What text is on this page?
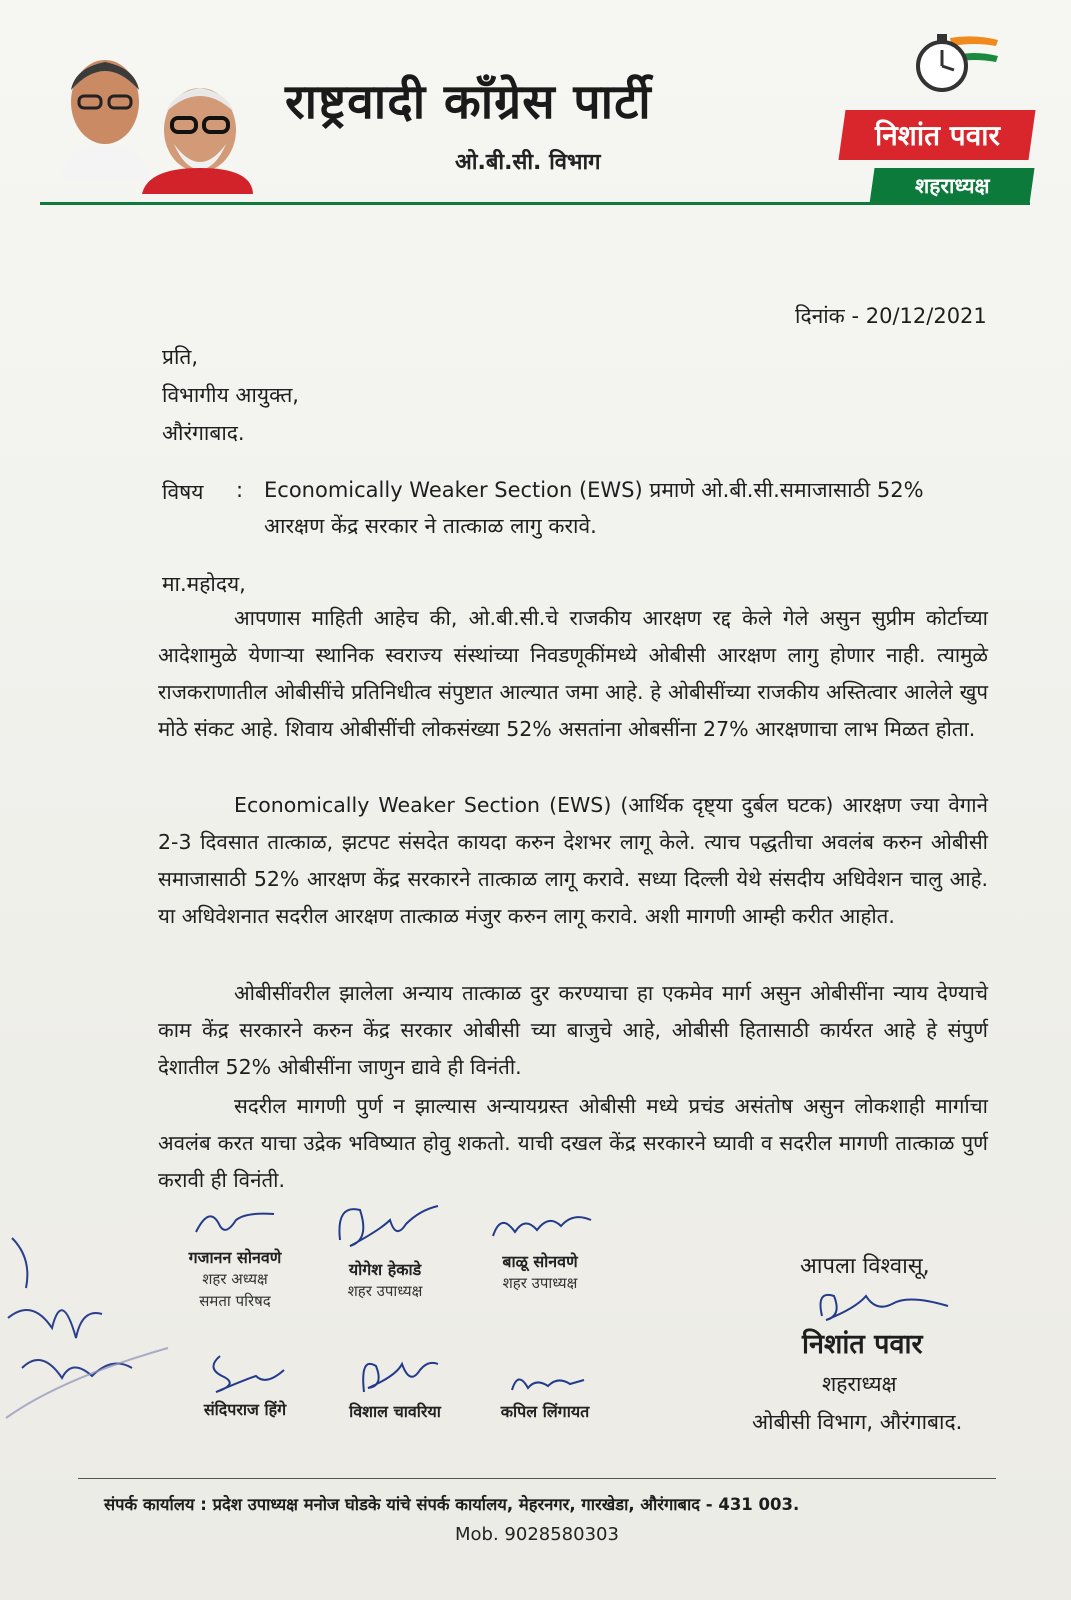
राष्ट्रवादी काँग्रेस पार्टी
ओ.बी.सी. विभाग
निशांत पवार
शहराध्यक्ष
दिनांक - 20/12/2021
प्रति,
विभागीय आयुक्त,
औरंगाबाद.
विषय : Economically Weaker Section (EWS) प्रमाणे ओ.बी.सी.समाजासाठी 52% आरक्षण केंद्र सरकार ने तात्काळ लागु करावे.
मा.महोदय,
आपणास माहिती आहेच की, ओ.बी.सी.चे राजकीय आरक्षण रद्द केले गेले असुन सुप्रीम कोर्टाच्या आदेशामुळे येणाऱ्या स्थानिक स्वराज्य संस्थांच्या निवडणूकींमध्ये ओबीसी आरक्षण लागु होणार नाही. त्यामुळे राजकराणातील ओबीसींचे प्रतिनिधीत्व संपुष्टात आल्यात जमा आहे. हे ओबीसींच्या राजकीय अस्तित्वार आलेले खुप मोठे संकट आहे. शिवाय ओबीसींची लोकसंख्या 52% असतांना ओबसींना 27% आरक्षणाचा लाभ मिळत होता.
Economically Weaker Section (EWS) (आर्थिक दृष्ट्या दुर्बल घटक) आरक्षण ज्या वेगाने 2-3 दिवसात तात्काळ, झटपट संसदेत कायदा करुन देशभर लागू केले. त्याच पद्धतीचा अवलंब करुन ओबीसी समाजासाठी 52% आरक्षण केंद्र सरकारने तात्काळ लागू करावे. सध्या दिल्ली येथे संसदीय अधिवेशन चालु आहे. या अधिवेशनात सदरील आरक्षण तात्काळ मंजुर करुन लागू करावे. अशी मागणी आम्ही करीत आहोत.
ओबीसींवरील झालेला अन्याय तात्काळ दुर करण्याचा हा एकमेव मार्ग असुन ओबीसींना न्याय देण्याचे काम केंद्र सरकारने करुन केंद्र सरकार ओबीसी च्या बाजुचे आहे, ओबीसी हितासाठी कार्यरत आहे हे संपुर्ण देशातील 52% ओबीसींना जाणुन द्यावे ही विनंती.
सदरील मागणी पुर्ण न झाल्यास अन्यायग्रस्त ओबीसी मध्ये प्रचंड असंतोष असुन लोकशाही मार्गाचा अवलंब करत याचा उद्रेक भविष्यात होवु शकतो. याची दखल केंद्र सरकारने घ्यावी व सदरील मागणी तात्काळ पुर्ण करावी ही विनंती.
गजानन सोनवणे
शहर अध्यक्ष
समता परिषद
योगेश हेकाडे
शहर उपाध्यक्ष
बाळू सोनवणे
शहर उपाध्यक्ष
संदिपराज हिंगे	विशाल चावरिया	कपिल लिंगायत
आपला विश्वासू,
निशांत पवार
शहराध्यक्ष
ओबीसी विभाग, औरंगाबाद.
संपर्क कार्यालय : प्रदेश उपाध्यक्ष मनोज घोडके यांचे संपर्क कार्यालय, मेहरनगर, गारखेडा, औरंगाबाद - 431 003.
Mob. 9028580303
